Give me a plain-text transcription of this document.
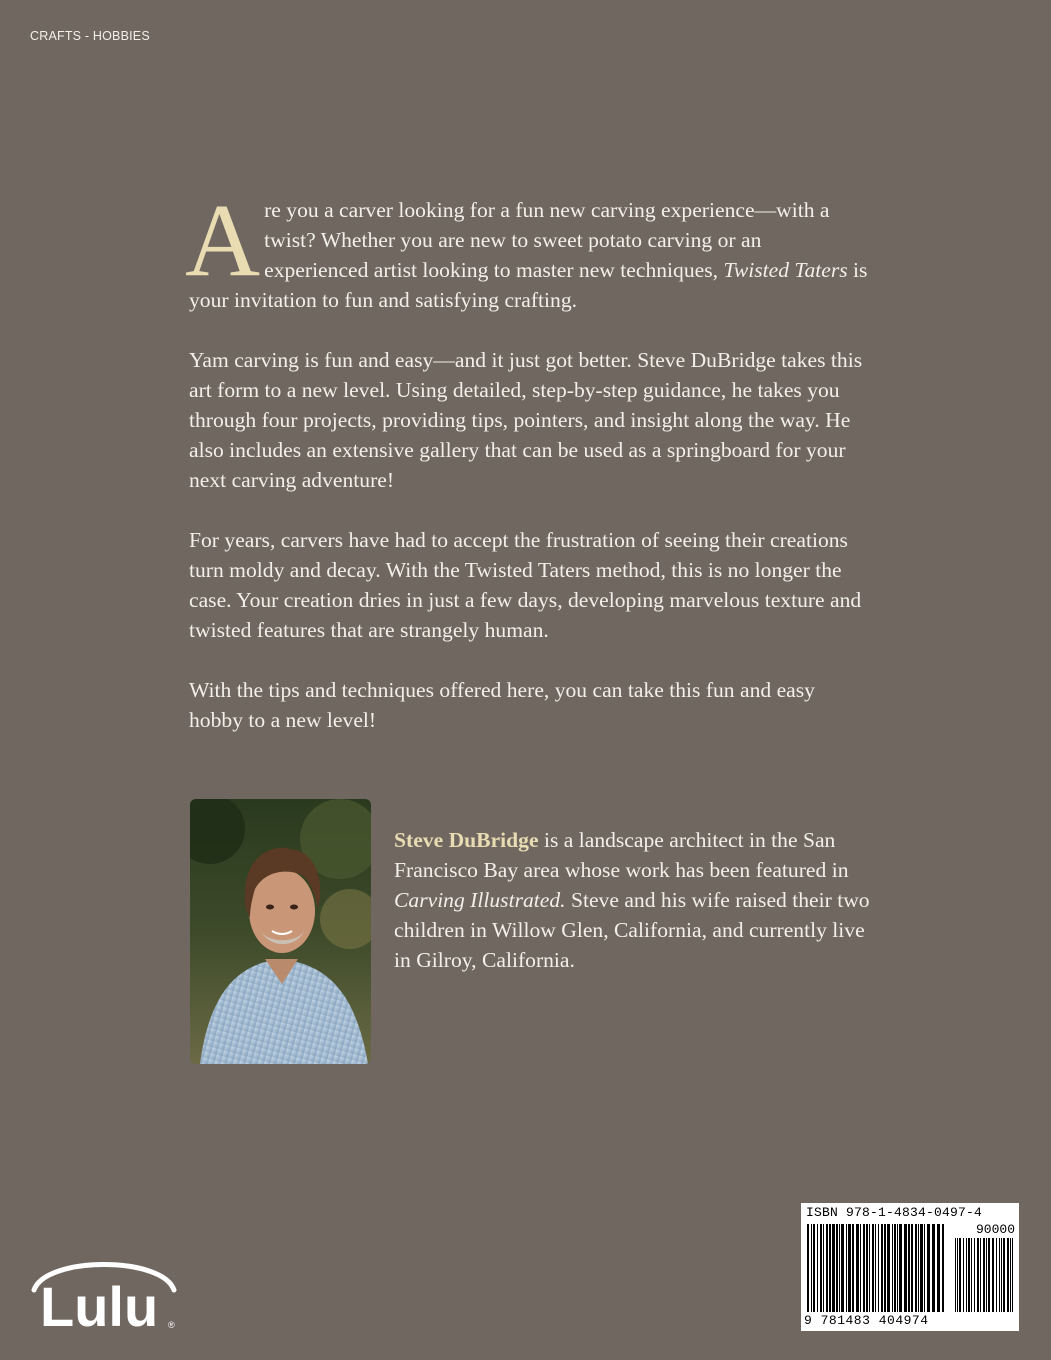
CRAFTS - HOBBIES

Are you a carver looking for a fun new carving experience—with a twist? Whether you are new to sweet potato carving or an experienced artist looking to master new techniques, Twisted Taters is your invitation to fun and satisfying crafting.

Yam carving is fun and easy—and it just got better. Steve DuBridge takes this art form to a new level. Using detailed, step-by-step guidance, he takes you through four projects, providing tips, pointers, and insight along the way. He also includes an extensive gallery that can be used as a springboard for your next carving adventure!

For years, carvers have had to accept the frustration of seeing their creations turn moldy and decay. With the Twisted Taters method, this is no longer the case. Your creation dries in just a few days, developing marvelous texture and twisted features that are strangely human.

With the tips and techniques offered here, you can take this fun and easy hobby to a new level!

Steve DuBridge is a landscape architect in the San Francisco Bay area whose work has been featured in Carving Illustrated. Steve and his wife raised their two children in Willow Glen, California, and currently live in Gilroy, California.
Lulu ®
ISBN 978-1-4834-0497-4
90000
9 781483 404974
